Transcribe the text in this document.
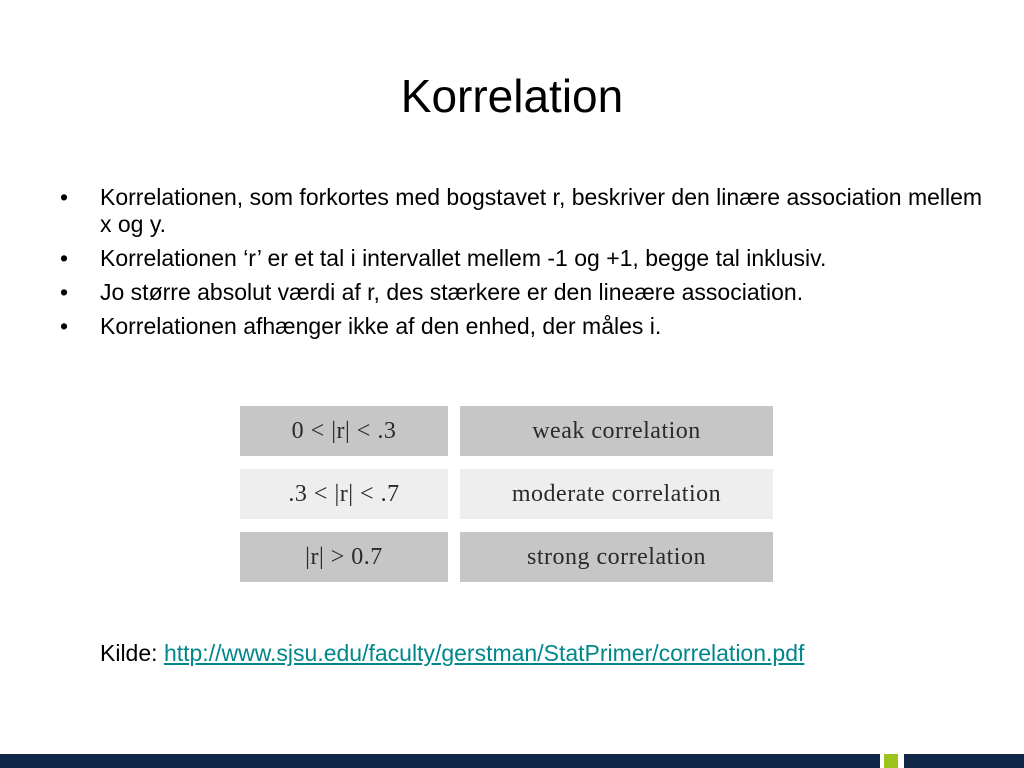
Korrelation
• Korrelationen, som forkortes med bogstavet r, beskriver den linære association mellem x og y.
• Korrelationen ‘r’ er et tal i intervallet mellem -1 og +1, begge tal inklusiv.
• Jo større absolut værdi af r, des stærkere er den lineære association.
• Korrelationen afhænger ikke af den enhed, der måles i.
0 < |r| < .3	weak correlation
.3 < |r| < .7	moderate correlation
|r| > 0.7	strong correlation
Kilde: http://www.sjsu.edu/faculty/gerstman/StatPrimer/correlation.pdf
